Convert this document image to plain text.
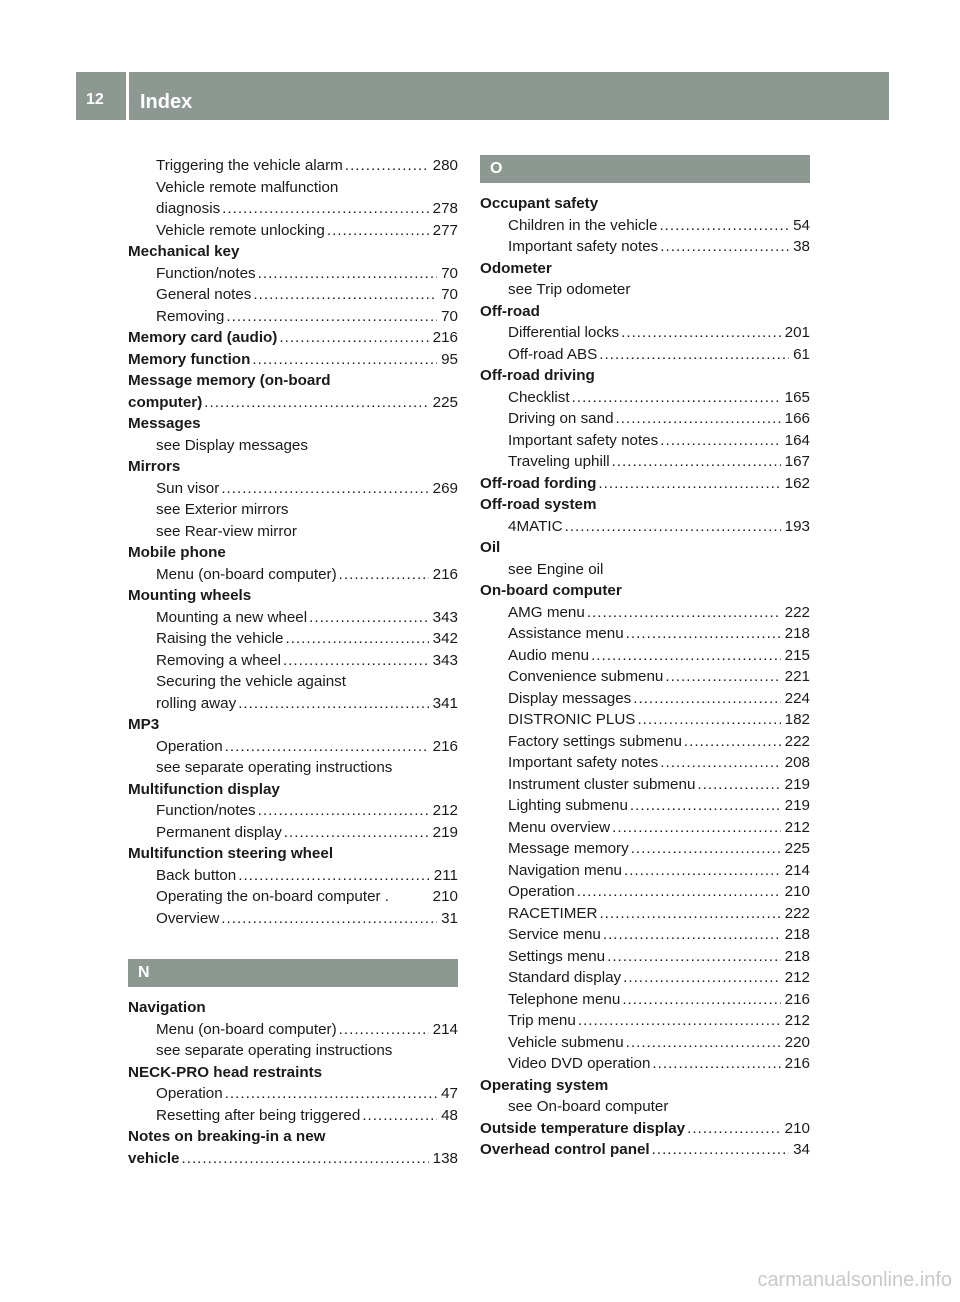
12	Index
Triggering the vehicle alarm .....	280
Vehicle remote malfunction
diagnosis .....	278
Vehicle remote unlocking .....	277
Mechanical key
Function/notes .....	70
General notes .....	70
Removing .....	70
Memory card (audio) .....	216
Memory function .....	95
Message memory (on-board
computer) .....	225
Messages
see Display messages
Mirrors
Sun visor .....	269
see Exterior mirrors
see Rear-view mirror
Mobile phone
Menu (on-board computer) .....	216
Mounting wheels
Mounting a new wheel .....	343
Raising the vehicle .....	342
Removing a wheel .....	343
Securing the vehicle against
rolling away .....	341
MP3
Operation .....	216
see separate operating instructions
Multifunction display
Function/notes .....	212
Permanent display .....	219
Multifunction steering wheel
Back button .....	211
Operating the on-board computer .	210
Overview .....	31
N
Navigation
Menu (on-board computer) .....	214
see separate operating instructions
NECK-PRO head restraints
Operation .....	47
Resetting after being triggered .....	48
Notes on breaking-in a new
vehicle .....	138
O
Occupant safety
Children in the vehicle .....	54
Important safety notes .....	38
Odometer
see Trip odometer
Off-road
Differential locks .....	201
Off-road ABS .....	61
Off-road driving
Checklist .....	165
Driving on sand .....	166
Important safety notes .....	164
Traveling uphill .....	167
Off-road fording .....	162
Off-road system
4MATIC .....	193
Oil
see Engine oil
On-board computer
AMG menu .....	222
Assistance menu .....	218
Audio menu .....	215
Convenience submenu .....	221
Display messages .....	224
DISTRONIC PLUS .....	182
Factory settings submenu .....	222
Important safety notes .....	208
Instrument cluster submenu .....	219
Lighting submenu .....	219
Menu overview .....	212
Message memory .....	225
Navigation menu .....	214
Operation .....	210
RACETIMER .....	222
Service menu .....	218
Settings menu .....	218
Standard display .....	212
Telephone menu .....	216
Trip menu .....	212
Vehicle submenu .....	220
Video DVD operation .....	216
Operating system
see On-board computer
Outside temperature display .....	210
Overhead control panel .....	34
carmanualsonline.info
